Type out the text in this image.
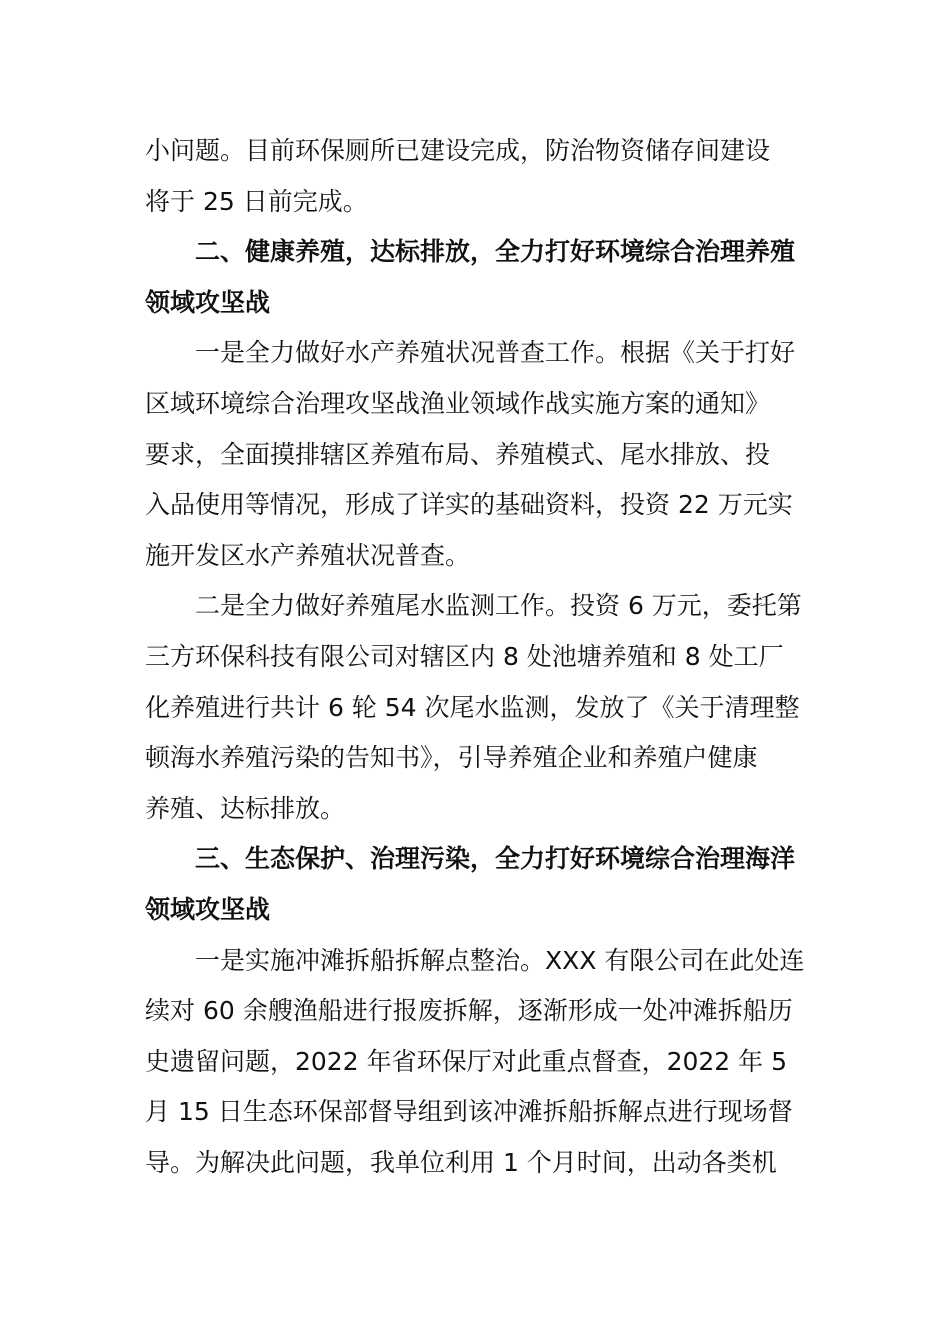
小问题。目前环保厕所已建设完成，防治物资储存间建设
将于 25 日前完成。

二、健康养殖，达标排放，全力打好环境综合治理养殖
领域攻坚战

一是全力做好水产养殖状况普查工作。根据《关于打好
区域环境综合治理攻坚战渔业领域作战实施方案的通知》
要求，全面摸排辖区养殖布局、养殖模式、尾水排放、投
入品使用等情况，形成了详实的基础资料，投资 22 万元实
施开发区水产养殖状况普查。

二是全力做好养殖尾水监测工作。投资 6 万元，委托第
三方环保科技有限公司对辖区内 8 处池塘养殖和 8 处工厂
化养殖进行共计 6 轮 54 次尾水监测，发放了《关于清理整
顿海水养殖污染的告知书》，引导养殖企业和养殖户健康
养殖、达标排放。

三、生态保护、治理污染，全力打好环境综合治理海洋
领域攻坚战

一是实施冲滩拆船拆解点整治。XXX 有限公司在此处连
续对 60 余艘渔船进行报废拆解，逐渐形成一处冲滩拆船历
史遗留问题，2022 年省环保厅对此重点督查，2022 年 5
月 15 日生态环保部督导组到该冲滩拆船拆解点进行现场督
导。为解决此问题，我单位利用 1 个月时间，出动各类机
